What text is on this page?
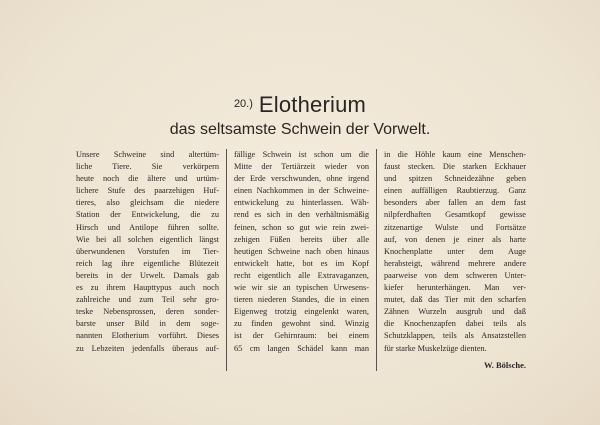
$^{20.)}$ Elotherium
das seltsamste Schwein der Vorwelt.
Unsere Schweine sind altertüm-
liche Tiere. Sie verkörpern
heute noch die ältere und urtüm-
lichere Stufe des paarzehigen Huf-
tieres, also gleichsam die niedere
Station der Entwickelung, die zu
Hirsch und Antilope führen sollte.
Wie bei all solchen eigentlich längst
überwundenen Vorstufen im Tier-
reich lag ihre eigentliche Blütezeit
bereits in der Urwelt. Damals gab
es zu ihrem Haupttypus auch noch
zahlreiche und zum Teil sehr gro-
teske Nebensprossen, deren sonder-
barste unser Bild in dem soge-
nannten Elotherium vorführt. Dieses
zu Lebzeiten jedenfalls überaus auf-
fällige Schwein ist schon um die
Mitte der Tertiärzeit wieder von
der Erde verschwunden, ohne irgend
einen Nachkommen in der Schweine-
entwickelung zu hinterlassen. Wäh-
rend es sich in den verhältnismäßig
feinen, schon so gut wie rein zwei-
zehigen Füßen bereits über alle
heutigen Schweine nach oben hinaus
entwickelt hatte, bot es im Kopf
recht eigentlich alle Extravaganzen,
wie wir sie an typischen Urwesens-
tieren niederen Standes, die in einen
Eigenweg trotzig eingelenkt waren,
zu finden gewohnt sind. Winzig
ist der Gehirnraum: bei einem
65 cm langen Schädel kann man
in die Höhle kaum eine Menschen-
faust stecken. Die starken Eckhauer
und spitzen Schneidezähne geben
einen auffälligen Raubtierzug. Ganz
besonders aber fallen an dem fast
nilpferdhaften Gesamtkopf gewisse
zitzenartige Wulste und Fortsätze
auf, von denen je einer als harte
Knochenplatte unter dem Auge
herabsteigt, während mehrere andere
paarweise von dem schweren Unter-
kiefer herunterhängen. Man ver-
mutet, daß das Tier mit den scharfen
Zähnen Wurzeln ausgrub und daß
die Knochenzapfen dabei teils als
Schutzklappen, teils als Ansatzstellen
für starke Muskelzüge dienten.
W. Bölsche.
